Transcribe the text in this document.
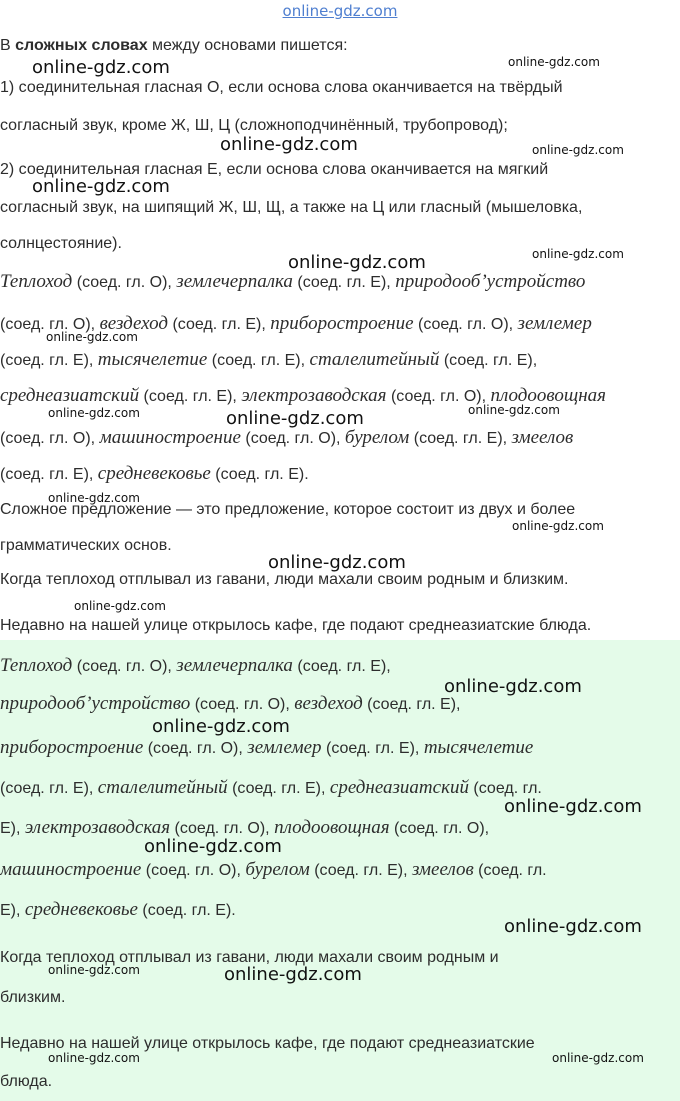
online-gdz.com
В сложных словах между основами пишется:
1) соединительная гласная О, если основа слова оканчивается на твёрдый
согласный звук, кроме Ж, Ш, Ц (сложноподчинённый, трубопровод);
2) соединительная гласная Е, если основа слова оканчивается на мягкий
согласный звук, на шипящий Ж, Ш, Щ, а также на Ц или гласный (мышеловка,
солнцестояние).
Теплоход (соед. гл. О), землечерпалка (соед. гл. Е), природооб’устройство
(соед. гл. О), вездеход (соед. гл. Е), приборостроение (соед. гл. О), землемер
(соед. гл. Е), тысячелетие (соед. гл. Е), сталелитейный (соед. гл. Е),
среднеазиатский (соед. гл. Е), электрозаводская (соед. гл. О), плодоовощная
(соед. гл. О), машиностроение (соед. гл. О), бурелом (соед. гл. Е), змеелов
(соед. гл. Е), средневековье (соед. гл. Е).
Сложное предложение — это предложение, которое состоит из двух и более
грамматических основ.
Когда теплоход отплывал из гавани, люди махали своим родным и близким.
Недавно на нашей улице открылось кафе, где подают среднеазиатские блюда.
Теплоход (соед. гл. О), землечерпалка (соед. гл. Е),
природооб’устройство (соед. гл. О), вездеход (соед. гл. Е),
приборостроение (соед. гл. О), землемер (соед. гл. Е), тысячелетие
(соед. гл. Е), сталелитейный (соед. гл. Е), среднеазиатский (соед. гл.
Е), электрозаводская (соед. гл. О), плодоовощная (соед. гл. О),
машиностроение (соед. гл. О), бурелом (соед. гл. Е), змеелов (соед. гл.
Е), средневековье (соед. гл. Е).
Когда теплоход отплывал из гавани, люди махали своим родным и
близким.
Недавно на нашей улице открылось кафе, где подают среднеазиатские
блюда.
online-gdz.com	online-gdz.com
online-gdz.com	online-gdz.com
online-gdz.com
online-gdz.com	online-gdz.com
online-gdz.com
online-gdz.com	online-gdz.com	online-gdz.com
online-gdz.com
online-gdz.com
online-gdz.com
online-gdz.com
online-gdz.com
online-gdz.com
online-gdz.com
online-gdz.com
online-gdz.com
online-gdz.com	online-gdz.com
online-gdz.com	online-gdz.com
